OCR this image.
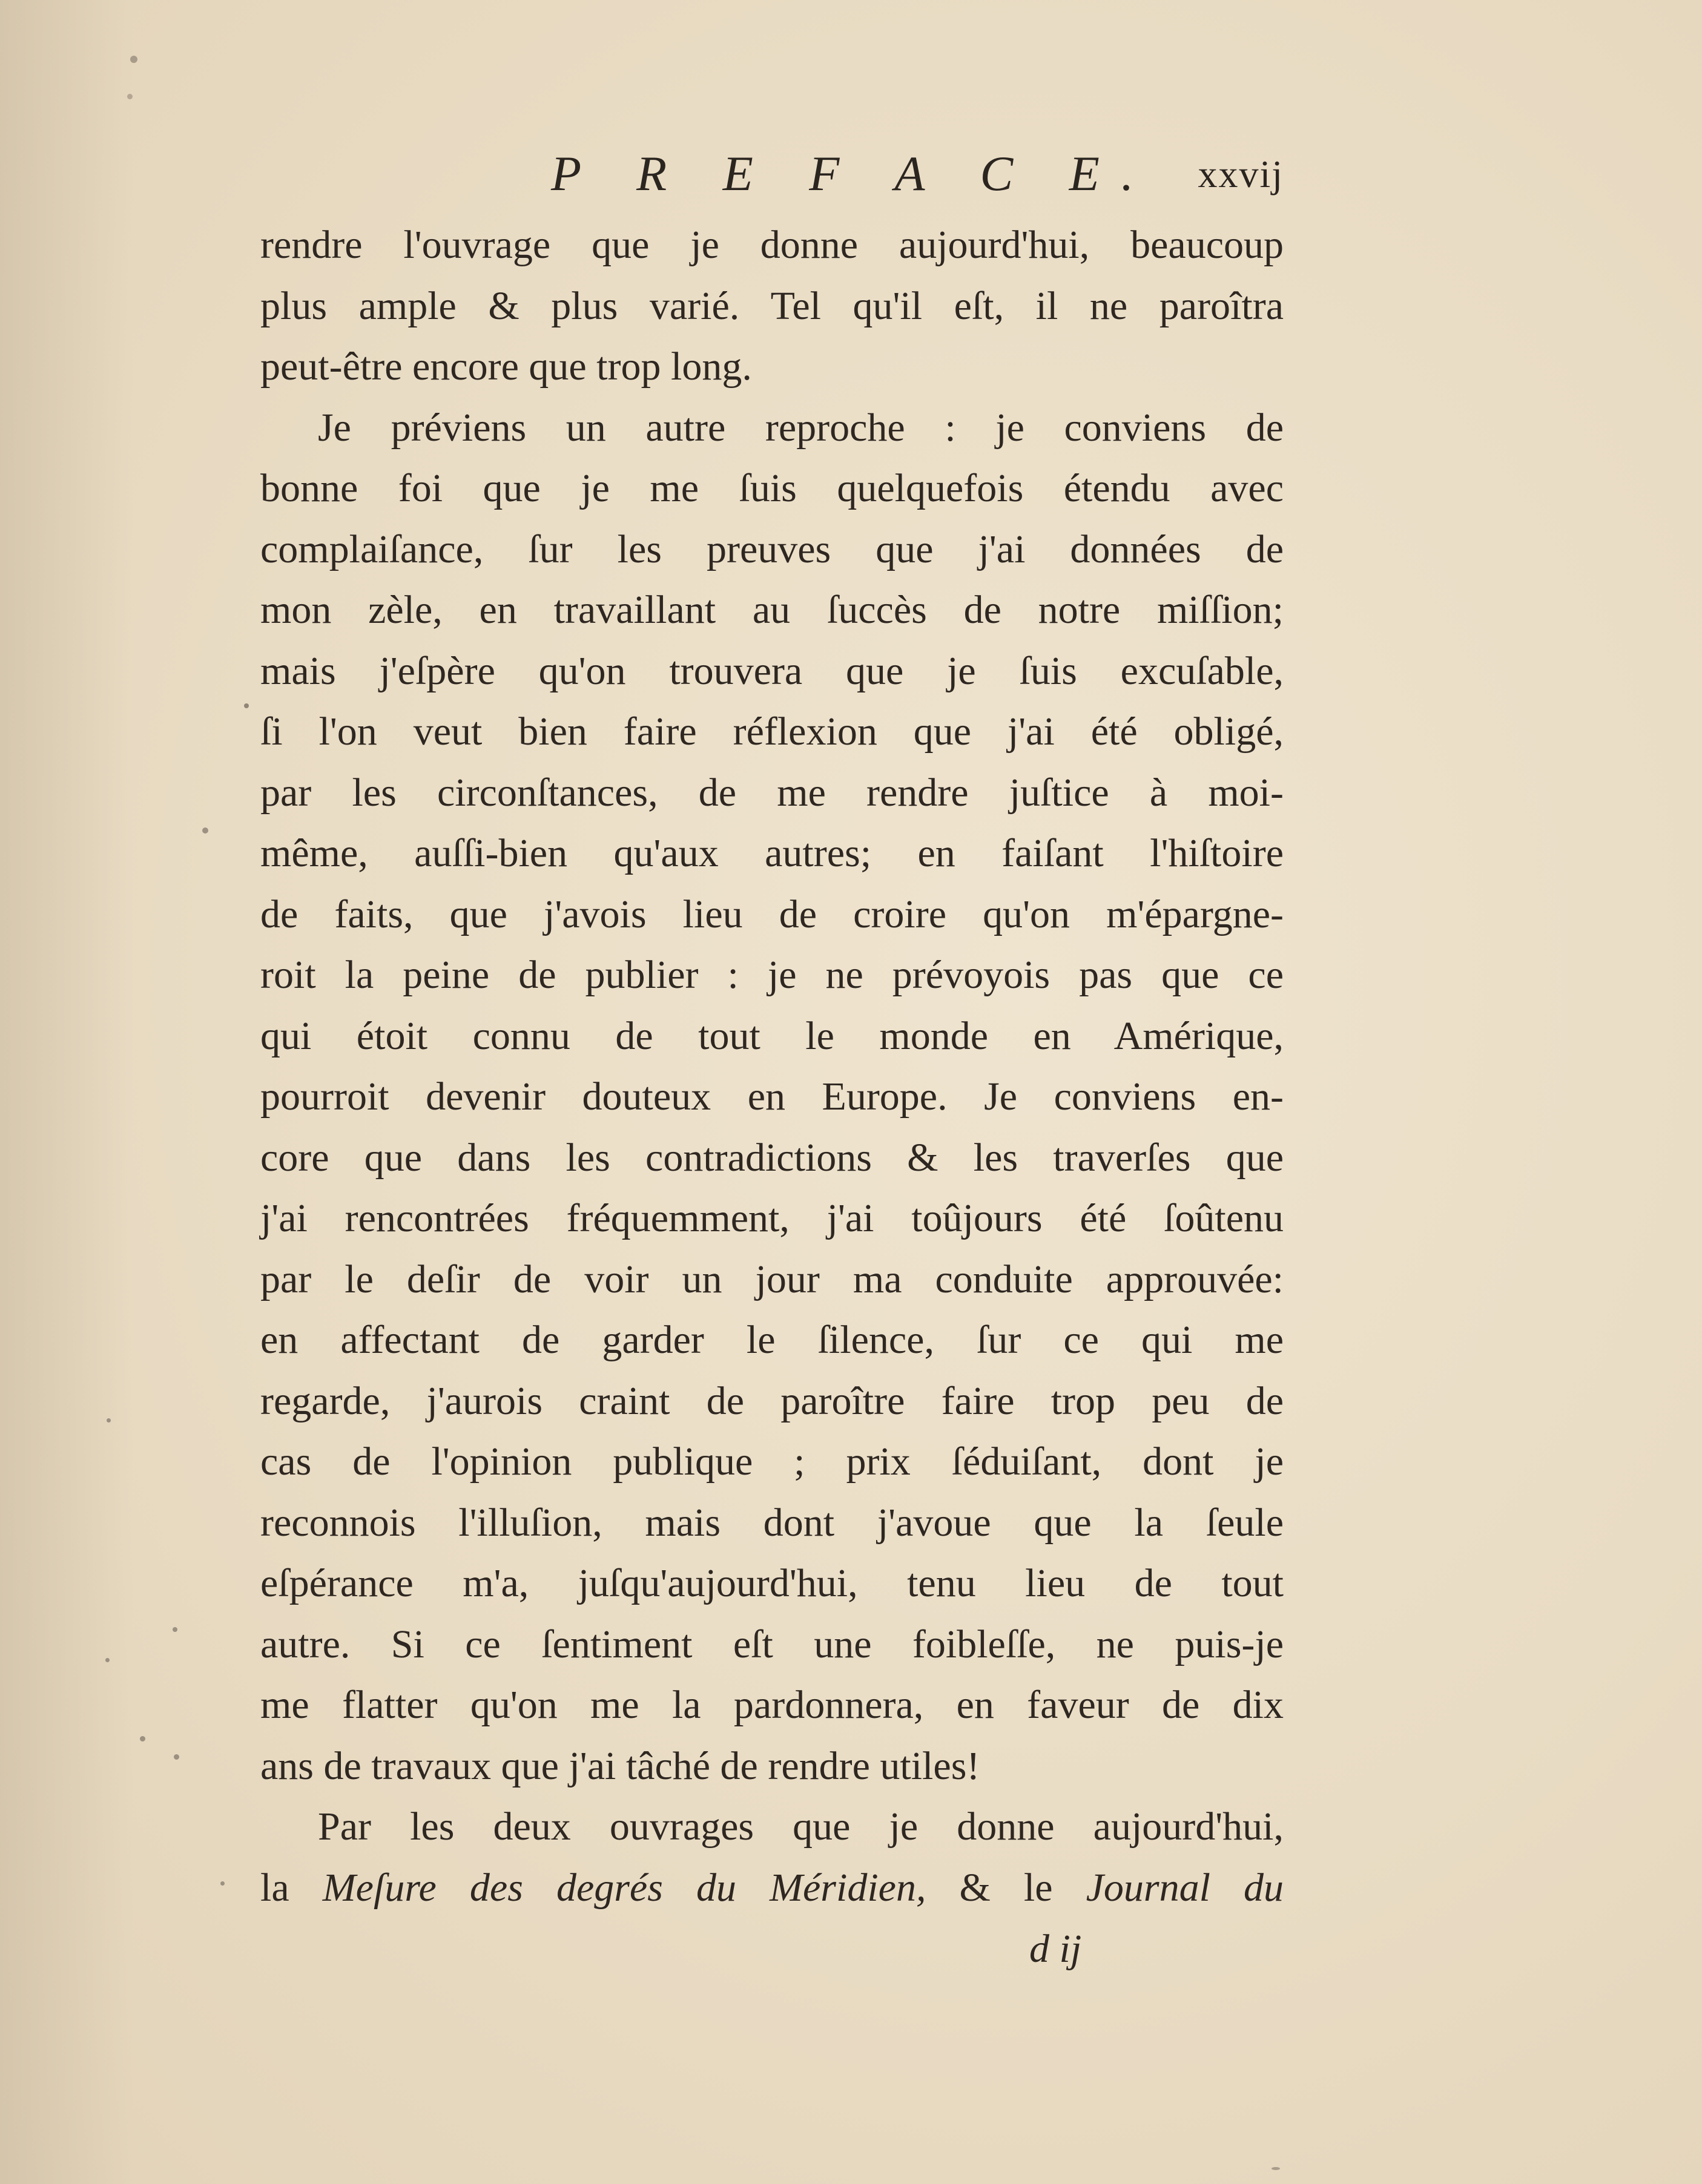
P R E F A C E. xxvij
rendre l'ouvrage que je donne aujourd'hui, beaucoup
plus ample & plus varié. Tel qu'il eſt, il ne paroîtra
peut-être encore que trop long.
Je préviens un autre reproche : je conviens de
bonne foi que je me ſuis quelquefois étendu avec
complaiſance, ſur les preuves que j'ai données de
mon zèle, en travaillant au ſuccès de notre miſſion;
mais j'eſpère qu'on trouvera que je ſuis excuſable,
ſi l'on veut bien faire réflexion que j'ai été obligé,
par les circonſtances, de me rendre juſtice à moi-
même, auſſi-bien qu'aux autres; en faiſant l'hiſtoire
de faits, que j'avois lieu de croire qu'on m'épargne-
roit la peine de publier : je ne prévoyois pas que ce
qui étoit connu de tout le monde en Amérique,
pourroit devenir douteux en Europe. Je conviens en-
core que dans les contradictions & les traverſes que
j'ai rencontrées fréquemment, j'ai toûjours été ſoûtenu
par le deſir de voir un jour ma conduite approuvée:
en affectant de garder le ſilence, ſur ce qui me
regarde, j'aurois craint de paroître faire trop peu de
cas de l'opinion publique ; prix ſéduiſant, dont je
reconnois l'illuſion, mais dont j'avoue que la ſeule
eſpérance m'a, juſqu'aujourd'hui, tenu lieu de tout
autre. Si ce ſentiment eſt une foibleſſe, ne puis-je
me flatter qu'on me la pardonnera, en faveur de dix
ans de travaux que j'ai tâché de rendre utiles!
Par les deux ouvrages que je donne aujourd'hui,
la Meſure des degrés du Méridien, & le Journal du
d ij
